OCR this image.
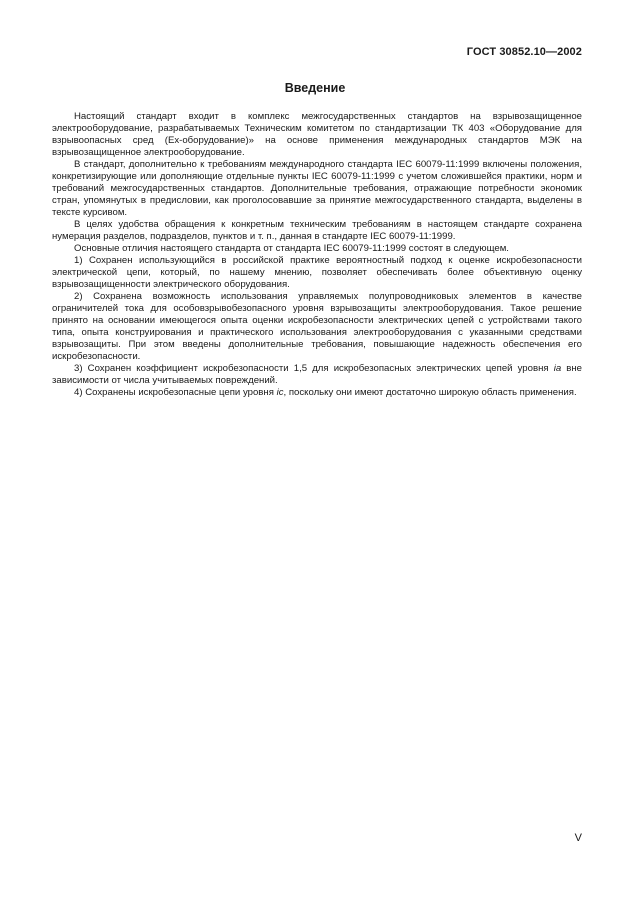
ГОСТ 30852.10—2002
Введение

Настоящий стандарт входит в комплекс межгосударственных стандартов на взрывозащищенное электрооборудование, разрабатываемых Техническим комитетом по стандартизации ТК 403 «Оборудование для взрывоопасных сред (Ex-оборудование)» на основе применения международных стандартов МЭК на взрывозащищенное электрооборудование.

В стандарт, дополнительно к требованиям международного стандарта IEC 60079-11:1999 включены положения, конкретизирующие или дополняющие отдельные пункты IEC 60079-11:1999 с учетом сложившейся практики, норм и требований межгосударственных стандартов. Дополнительные требования, отражающие потребности экономик стран, упомянутых в предисловии, как проголосовавшие за принятие межгосударственного стандарта, выделены в тексте курсивом.

В целях удобства обращения к конкретным техническим требованиям в настоящем стандарте сохранена нумерация разделов, подразделов, пунктов и т. п., данная в стандарте IEC 60079-11:1999.

Основные отличия настоящего стандарта от стандарта IEC 60079-11:1999 состоят в следующем.

1) Сохранен использующийся в российской практике вероятностный подход к оценке искробезопасности электрической цепи, который, по нашему мнению, позволяет обеспечивать более объективную оценку взрывозащищенности электрического оборудования.

2) Сохранена возможность использования управляемых полупроводниковых элементов в качестве ограничителей тока для особовзрывобезопасного уровня взрывозащиты электрооборудования. Такое решение принято на основании имеющегося опыта оценки искробезопасности электрических цепей с устройствами такого типа, опыта конструирования и практического использования электрооборудования с указанными средствами взрывозащиты. При этом введены дополнительные требования, повышающие надежность обеспечения его искробезопасности.

3) Сохранен коэффициент искробезопасности 1,5 для искробезопасных электрических цепей уровня ia вне зависимости от числа учитываемых повреждений.

4) Сохранены искробезопасные цепи уровня ic, поскольку они имеют достаточно широкую область применения.

V
